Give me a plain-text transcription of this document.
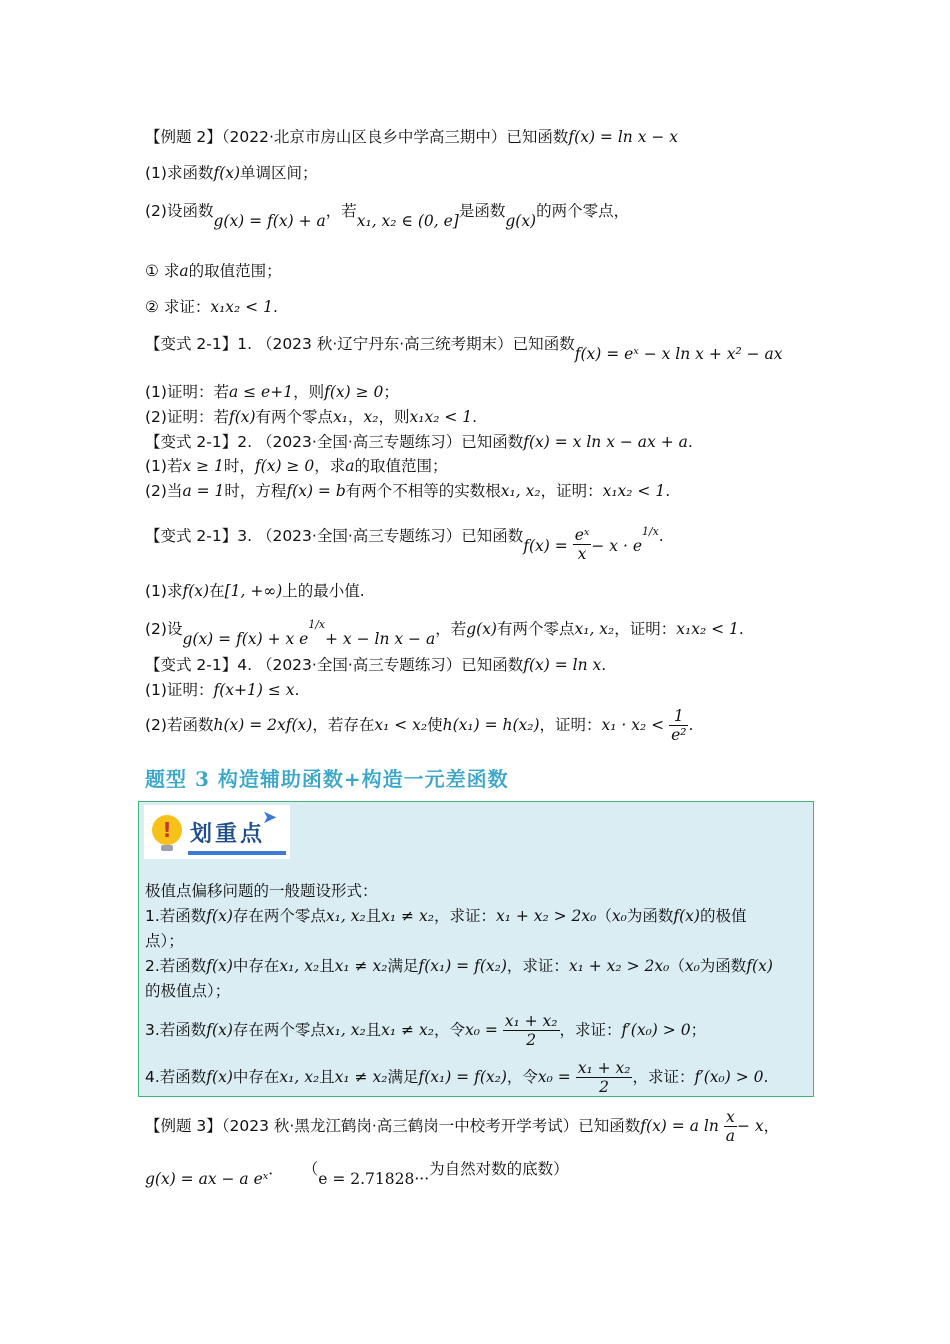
【例题 2】（2022·北京市房山区良乡中学高三期中）已知函数f(x) = ln x − x
(1)求函数f(x)单调区间；
(2)设函数g(x) = f(x) + a，若x₁, x₂ ∈ (0, e]是函数g(x)的两个零点，
① 求a的取值范围；
② 求证：x₁x₂ < 1.
【变式 2-1】1. （2023 秋·辽宁丹东·高三统考期末）已知函数f(x) = eˣ − x ln x + x² − ax
(1)证明：若a ≤ e+1，则f(x) ≥ 0；
(2)证明：若f(x)有两个零点x₁，x₂，则x₁x₂ < 1.
【变式 2-1】2. （2023·全国·高三专题练习）已知函数f(x) = x ln x − ax + a.
(1)若x ≥ 1时，f(x) ≥ 0，求a的取值范围；
(2)当a = 1时，方程f(x) = b有两个不相等的实数根x₁, x₂，证明：x₁x₂ < 1.
【变式 2-1】3. （2023·全国·高三专题练习）已知函数$f(x) = \frac{\text{eˣ}}{x} - x \cdot e^{1/x}$.
(1)求f(x)在[1, +∞)上的最小值.
(2)设g(x) = f(x) + x $e^{1/x}+ x - \ln x - a$，若g(x)有两个零点x₁, x₂，证明：x₁x₂ < 1.
【变式 2-1】4. （2023·全国·高三专题练习）已知函数f(x) = ln x.
(1)证明：f(x+1) ≤ x.
(2)若函数h(x) = 2xf(x)，若存在x₁ < x₂使h(x₁) = h(x₂)，证明：$x_1 \cdot x_2 < \frac{1}{\text{e²}}$ .
题型 3 构造辅助函数+构造一元差函数
! 划重点
➤
极值点偏移问题的一般题设形式：
1.若函数f(x)存在两个零点x₁, x₂且x₁ ≠ x₂，求证：x₁ + x₂ > 2x₀（x₀为函数f(x)的极值
点）；
2.若函数f(x)中存在x₁, x₂且x₁ ≠ x₂满足f(x₁) = f(x₂)，求证：x₁ + x₂ > 2x₀（x₀为函数f(x)
的极值点）；
3.若函数f(x)存在两个零点x₁, x₂且x₁ ≠ x₂，令$x_0 = \frac{\text{x₁ + x₂}}{2}$ ，求证：f′(x₀) > 0；
4.若函数f(x)中存在x₁, x₂且x₁ ≠ x₂满足f(x₁) = f(x₂)，令$x_0 = \frac{\text{x₁ + x₂}}{2}$ ，求证：f′(x₀) > 0.
【例题 3】（2023 秋·黑龙江鹤岗·高三鹤岗一中校考开学考试）已知函数f(x) = a $\ln \frac{x}{a} - x$，
g(x) = ax − a eˣ． （e = 2.71828···为自然对数的底数）
